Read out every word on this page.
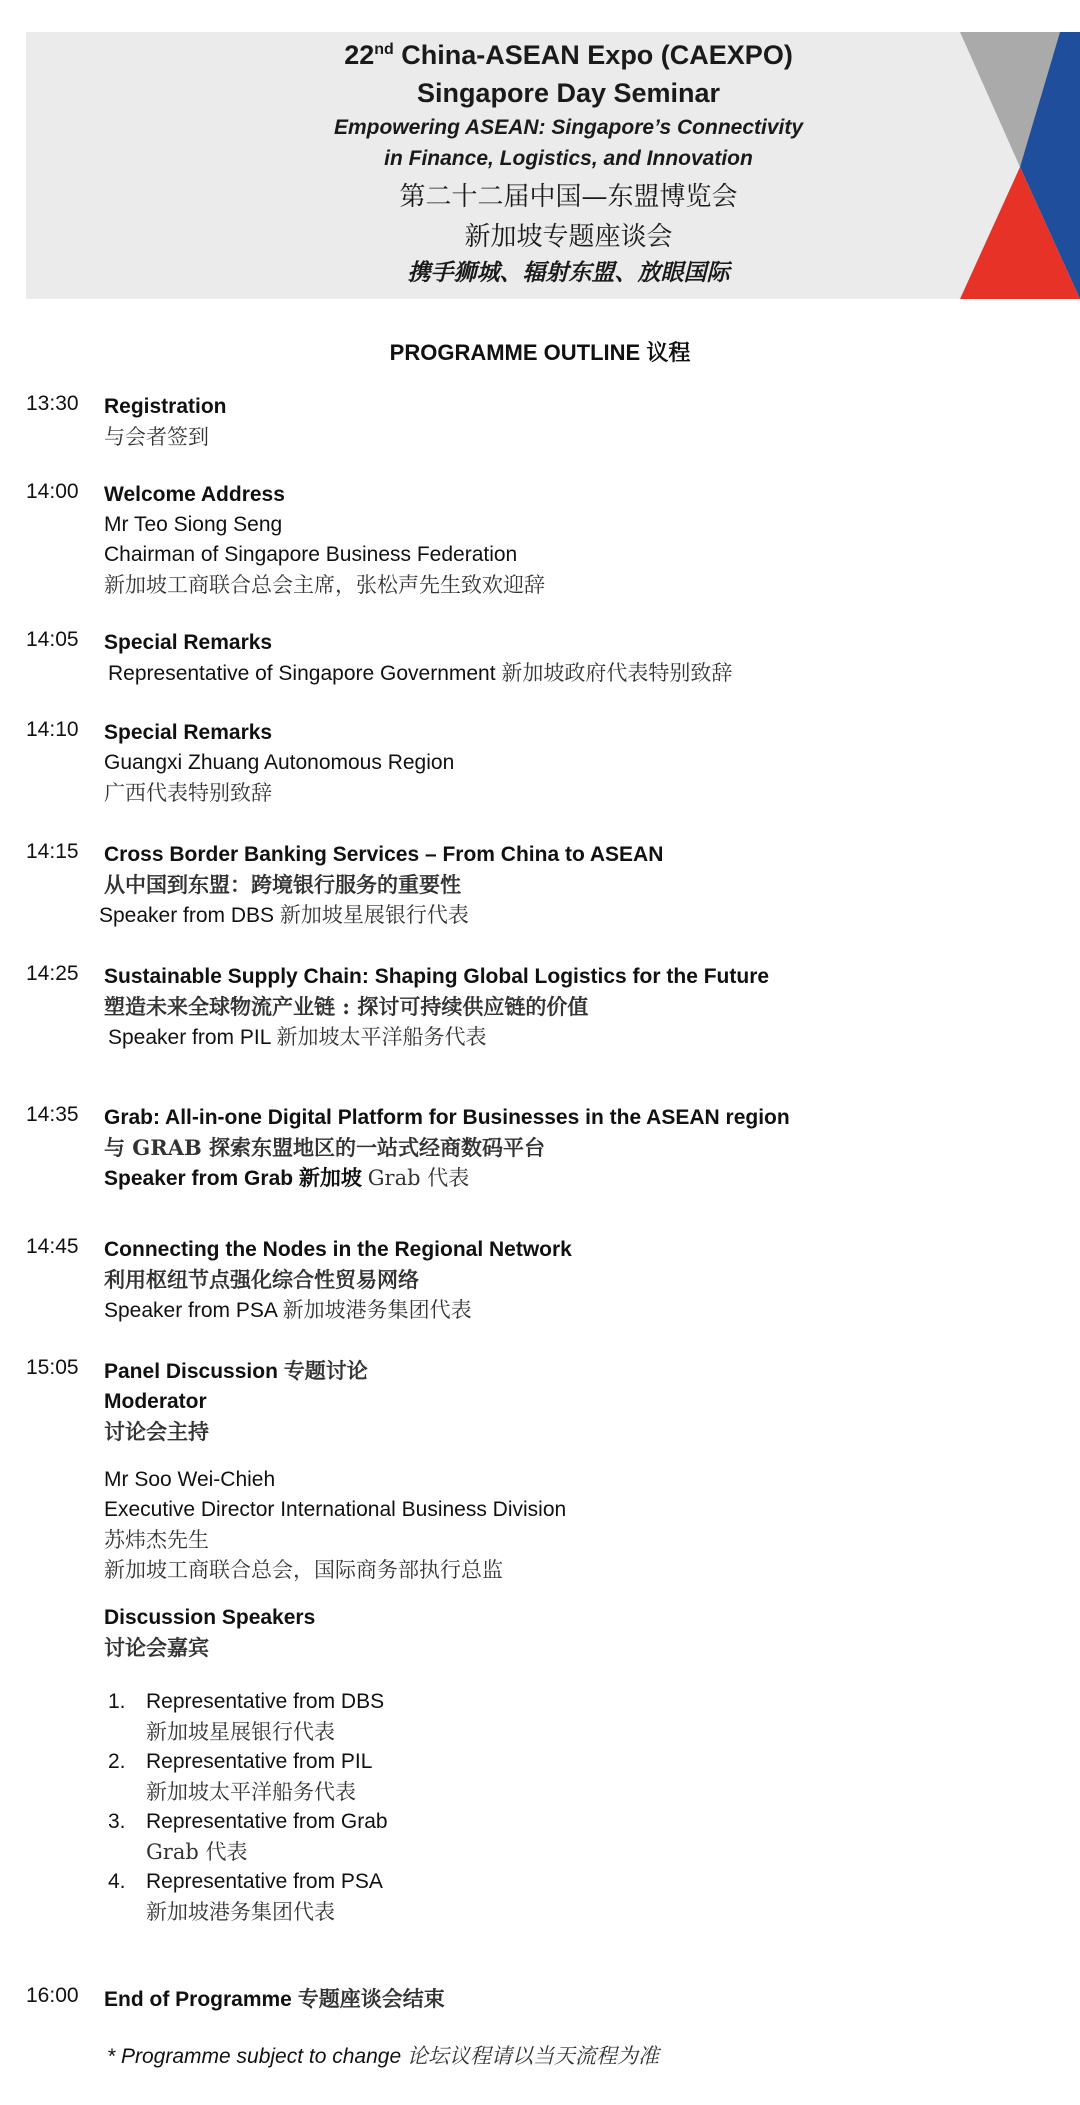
22nd China-ASEAN Expo (CAEXPO)
Singapore Day Seminar
Empowering ASEAN: Singapore’s Connectivity
in Finance, Logistics, and Innovation
第二十二届中国—东盟博览会
新加坡专题座谈会
携手狮城、辐射东盟、放眼国际
PROGRAMME OUTLINE 议程
13:30 Registration
与会者签到
14:00 Welcome Address
Mr Teo Siong Seng
Chairman of Singapore Business Federation
新加坡工商联合总会主席，张松声先生致欢迎辞
14:05 Special Remarks
Representative of Singapore Government 新加坡政府代表特别致辞
14:10 Special Remarks
Guangxi Zhuang Autonomous Region
广西代表特别致辞
14:15 Cross Border Banking Services – From China to ASEAN
从中国到东盟：跨境银行服务的重要性
Speaker from DBS 新加坡星展银行代表
14:25 Sustainable Supply Chain: Shaping Global Logistics for the Future
塑造未来全球物流产业链 : 探讨可持续供应链的价值
Speaker from PIL 新加坡太平洋船务代表
14:35 Grab: All-in-one Digital Platform for Businesses in the ASEAN region
与 GRAB 探索东盟地区的一站式经商数码平台
Speaker from Grab 新加坡 Grab 代表
14:45 Connecting the Nodes in the Regional Network
利用枢纽节点强化综合性贸易网络
Speaker from PSA 新加坡港务集团代表
15:05 Panel Discussion 专题讨论
Moderator
讨论会主持
Mr Soo Wei-Chieh
Executive Director International Business Division
苏炜杰先生
新加坡工商联合总会，国际商务部执行总监
Discussion Speakers
讨论会嘉宾
1. Representative from DBS
新加坡星展银行代表
2. Representative from PIL
新加坡太平洋船务代表
3. Representative from Grab
Grab 代表
4. Representative from PSA
新加坡港务集团代表
16:00 End of Programme 专题座谈会结束
* Programme subject to change 论坛议程请以当天流程为准
